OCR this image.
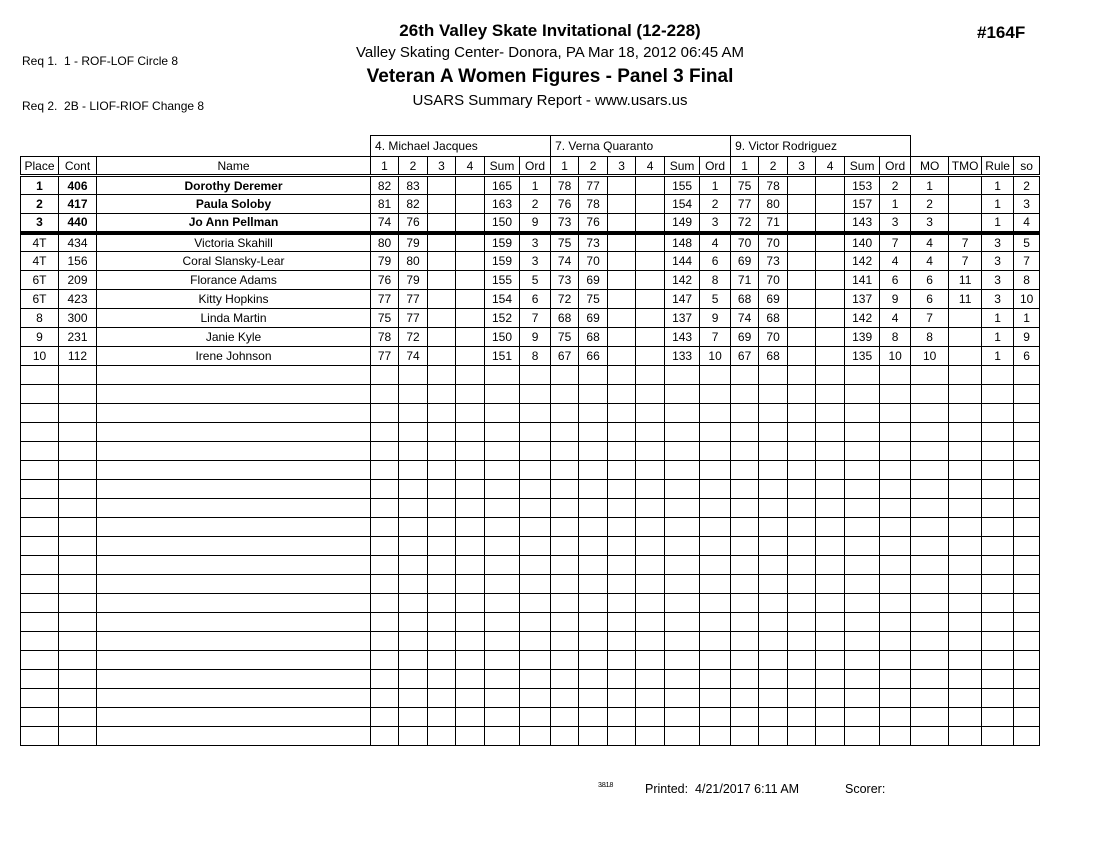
Req 1.  1 - ROF-LOF Circle 8

Req 2.  2B - LIOF-RIOF Change 8

26th Valley Skate Invitational (12-228)
Valley Skating Center- Donora, PA Mar 18, 2012 06:45 AM
Veteran A Women Figures - Panel 3 Final
USARS Summary Report - www.usars.us
#164F
			4. Michael Jacques						7. Verna Quaranto						9. Victor Rodriguez									
Place	Cont	Name	1	2	3	4	Sum	Ord	1	2	3	4	Sum	Ord	1	2	3	4	Sum	Ord	MO	TMO	Rule	so
1	406	Dorothy Deremer	82	83			165	1	78	77			155	1	75	78			153	2	1		1	2
2	417	Paula Soloby	81	82			163	2	76	78			154	2	77	80			157	1	2		1	3
3	440	Jo Ann Pellman	74	76			150	9	73	76			149	3	72	71			143	3	3		1	4
4T	434	Victoria Skahill	80	79			159	3	75	73			148	4	70	70			140	7	4	7	3	5
4T	156	Coral Slansky-Lear	79	80			159	3	74	70			144	6	69	73			142	4	4	7	3	7
6T	209	Florance Adams	76	79			155	5	73	69			142	8	71	70			141	6	6	11	3	8
6T	423	Kitty Hopkins	77	77			154	6	72	75			147	5	68	69			137	9	6	11	3	10
8	300	Linda Martin	75	77			152	7	68	69			137	9	74	68			142	4	7		1	1
9	231	Janie Kyle	78	72			150	9	75	68			143	7	69	70			139	8	8		1	9
10	112	Irene Johnson	77	74			151	8	67	66			133	10	67	68			135	10	10		1	6

3.8.1.8	Printed: 4/21/2017 6:11 AM	Scorer:
